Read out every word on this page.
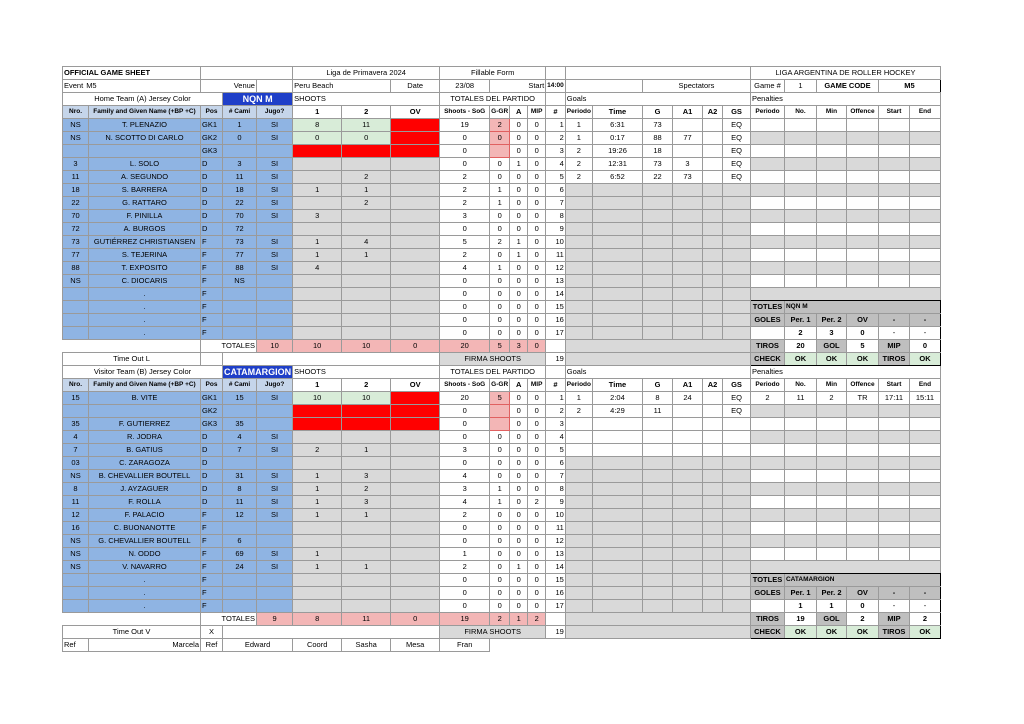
OFFICIAL GAME SHEET					Liga de Primavera 2024			Fillable Form											LIGA ARGENTINA DE ROLLER HOCKEY					
Event M5		Venue			Peru Beach		Date	23/08	Start			14:00			Spectators				Game #	1	GAME CODE		M5	
Home Team (A) Jersey Color			NQN M		SHOOTS			TOTALES DEL PARTIDO					Goals						Penalties					
Nro.	Family and Given Name (+BP +C)	Pos	# Cami	Jugo?	1	2	OV	Shoots - SoG	G-GR	A	MIP	#	Periodo	Time	G	A1	A2	GS	Periodo	No.	Min	Offence	Start	End
NS	T. PLENAZIO	GK1	1	SI	8	11		19	2	0	0	1	1	6:31	73			EQ						
NS	N. SCOTTO DI CARLO	GK2	0	SI	0	0		0	0	0	0	2	1	0:17	88	77		EQ						
		GK3						0		0	0	3	2	19:26	18			EQ						
3	L. SOLO	D	3	SI				0	0	1	0	4	2	12:31	73	3		EQ						
11	A. SEGUNDO	D	11	SI		2		2	0	0	0	5	2	6:52	22	73		EQ						
18	S. BARRERA	D	18	SI	1	1		2	1	0	0	6												
22	G. RATTARO	D	22	SI		2		2	1	0	0	7												
70	F. PINILLA	D	70	SI	3			3	0	0	0	8												
72	A. BURGOS	D	72					0	0	0	0	9												
73	GUTIÉRREZ CHRISTIANSEN	F	73	SI	1	4		5	2	1	0	10												
77	S. TEJERINA	F	77	SI	1	1		2	0	1	0	11												
88	T. EXPOSITO	F	88	SI	4			4	1	0	0	12												
NS	C. DIOCARIS	F	NS					0	0	0	0	13												
	.	F						0	0	0	0	14												
	.	F						0	0	0	0	15							TOTLES	NQN M				
	.	F						0	0	0	0	16							GOLES	Per. 1	Per. 2	OV	-	-
	.	F						0	0	0	0	17								2	3	0	-	-
		TOTALES		10	10	10	0	20	5	3	0								TIROS	20	GOL	5	MIP	0
Time Out L								FIRMA SHOOTS				19							CHECK	OK	OK	OK	TIROS	OK
Visitor Team (B) Jersey Color			CATAMARGION		SHOOTS			TOTALES DEL PARTIDO					Goals						Penalties					
Nro.	Family and Given Name (+BP +C)	Pos	# Cami	Jugo?	1	2	OV	Shoots - SoG	G-GR	A	MIP	#	Periodo	Time	G	A1	A2	GS	Periodo	No.	Min	Offence	Start	End
15	B. VITE	GK1	15	SI	10	10		20	5	0	0	1	1	2:04	8	24		EQ	2	11	2	TR	17:11	15:11
		GK2						0		0	0	2	2	4:29	11			EQ						
35	F. GUTIERREZ	GK3	35					0		0	0	3												
4	R. JODRA	D	4	SI				0	0	0	0	4												
7	B. GATIUS	D	7	SI	2	1		3	0	0	0	5												
03	C. ZARAGOZA	D						0	0	0	0	6												
NS	B. CHEVALLIER BOUTELL	D	31	SI	1	3		4	0	0	0	7												
8	J. AYZAGUER	D	8	SI	1	2		3	1	0	0	8												
11	F. ROLLA	D	11	SI	1	3		4	1	0	2	9												
12	F. PALACIO	F	12	SI	1	1		2	0	0	0	10												
16	C. BUONANOTTE	F						0	0	0	0	11												
NS	G. CHEVALLIER BOUTELL	F	6					0	0	0	0	12												
NS	N. ODDO	F	69	SI	1			1	0	0	0	13												
NS	V. NAVARRO	F	24	SI	1	1		2	0	1	0	14												
	.	F						0	0	0	0	15							TOTLES	CATAMARGION				
	.	F						0	0	0	0	16							GOLES	Per. 1	Per. 2	OV	-	-
	.	F						0	0	0	0	17								1	1	0	-	-
		TOTALES		9	8	11	0	19	2	1	2								TIROS	19	GOL	2	MIP	2
Time Out V		X						FIRMA SHOOTS				19							CHECK	OK	OK	OK	TIROS	OK
Ref	Marcela	Ref	Edward		Coord	Sasha	Mesa	Fran																
